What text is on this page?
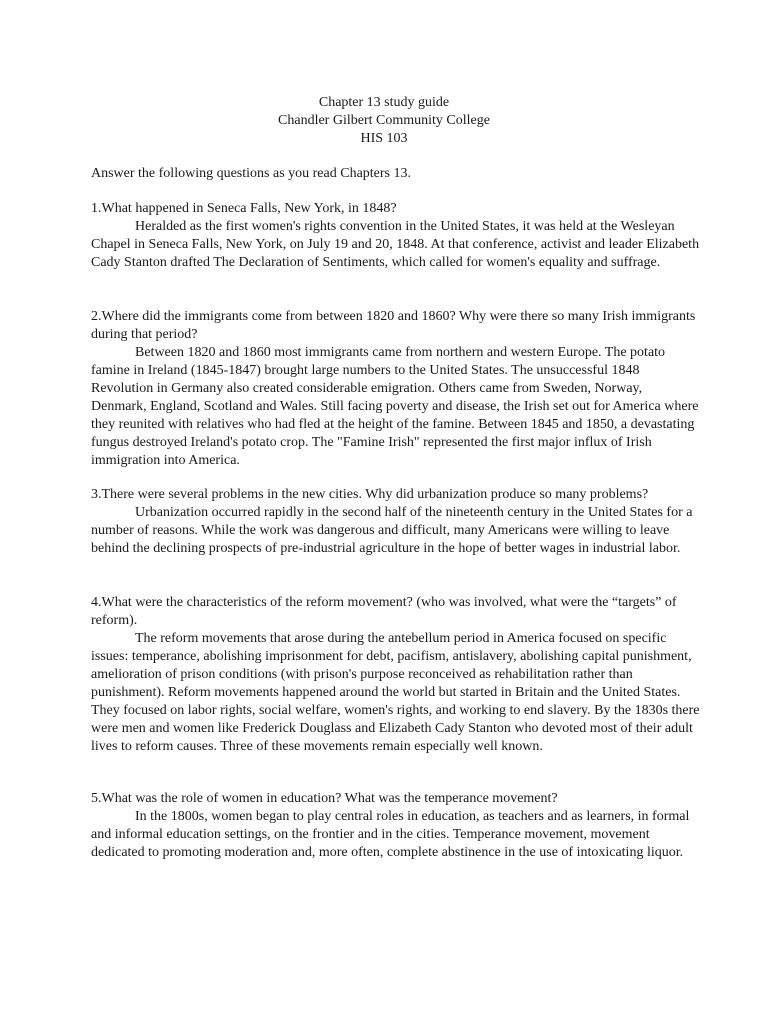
Chapter 13 study guide
Chandler Gilbert Community College
HIS 103
Answer the following questions as you read Chapters 13.

1.What happened in Seneca Falls, New York, in 1848?

Heralded as the first women's rights convention in the United States, it was held at the Wesleyan Chapel in Seneca Falls, New York, on July 19 and 20, 1848. At that conference, activist and leader Elizabeth Cady Stanton drafted The Declaration of Sentiments, which called for women's equality and suffrage.

2.Where did the immigrants come from between 1820 and 1860? Why were there so many Irish immigrants during that period?

Between 1820 and 1860 most immigrants came from northern and western Europe. The potato famine in Ireland (1845-1847) brought large numbers to the United States. The unsuccessful 1848 Revolution in Germany also created considerable emigration. Others came from Sweden, Norway, Denmark, England, Scotland and Wales. Still facing poverty and disease, the Irish set out for America where they reunited with relatives who had fled at the height of the famine. Between 1845 and 1850, a devastating fungus destroyed Ireland's potato crop. The "Famine Irish" represented the first major influx of Irish immigration into America.

3.There were several problems in the new cities. Why did urbanization produce so many problems?

Urbanization occurred rapidly in the second half of the nineteenth century in the United States for a number of reasons. While the work was dangerous and difficult, many Americans were willing to leave behind the declining prospects of pre-industrial agriculture in the hope of better wages in industrial labor.

4.What were the characteristics of the reform movement? (who was involved, what were the “targets” of reform).

The reform movements that arose during the antebellum period in America focused on specific issues: temperance, abolishing imprisonment for debt, pacifism, antislavery, abolishing capital punishment, amelioration of prison conditions (with prison's purpose reconceived as rehabilitation rather than punishment). Reform movements happened around the world but started in Britain and the United States. They focused on labor rights, social welfare, women's rights, and working to end slavery. By the 1830s there were men and women like Frederick Douglass and Elizabeth Cady Stanton who devoted most of their adult lives to reform causes. Three of these movements remain especially well known.

5.What was the role of women in education? What was the temperance movement?

In the 1800s, women began to play central roles in education, as teachers and as learners, in formal and informal education settings, on the frontier and in the cities. Temperance movement, movement dedicated to promoting moderation and, more often, complete abstinence in the use of intoxicating liquor.
